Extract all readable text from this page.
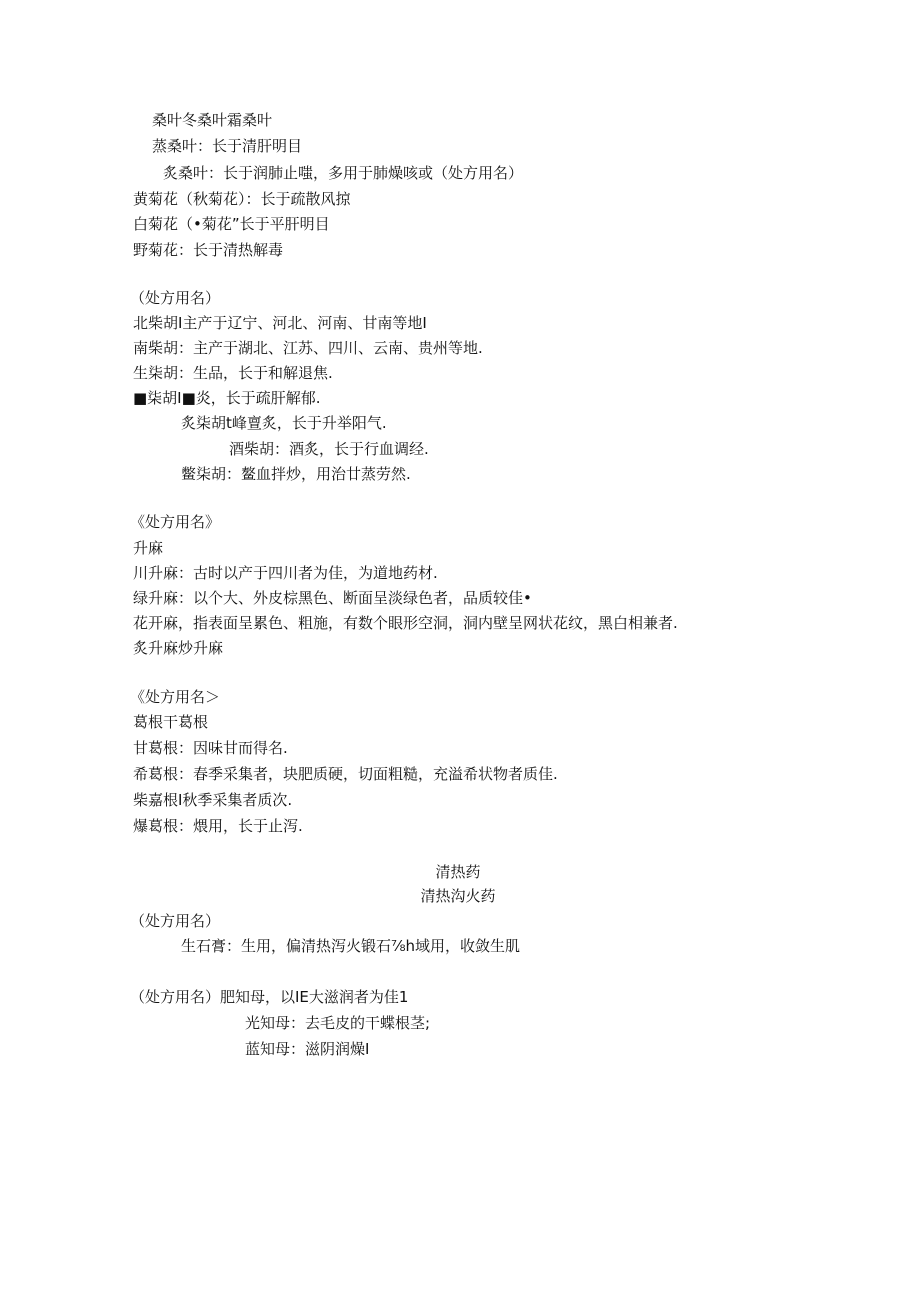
桑叶冬桑叶霜桑叶
蒸桑叶：长于清肝明目
炙桑叶：长于润肺止嗤，多用于肺燥咳或（处方用名）
黄菊花（秋菊花）：长于疏散风掠
白菊花（•菊花”长于平肝明目
野菊花：长于清热解毒
（处方用名）
北柴胡I主产于辽宁、河北、河南、甘南等地I
南柴胡：主产于湖北、江苏、四川、云南、贵州等地.
生柒胡：生品，长于和解退焦.
■柒胡I■炎，长于疏肝解郁.
炙柒胡t峰亶炙，长于升举阳气.
酒柴胡：酒炙，长于行血调经.
鳖柒胡：鳌血拌炒，用治廿蒸劳然.
《处方用名》
升麻
川升麻：古时以产于四川者为佳，为道地药材.
绿升麻：以个大、外皮棕黑色、断面呈淡绿色者，品质较佳•
花开麻，指表面呈累色、粗施，有数个眼形空洞，洞内壁呈网状花纹，黑白相兼者.
炙升麻炒升麻
《处方用名＞
葛根干葛根
甘葛根：因味甘而得名.
希葛根：春季采集者，块肥质硬，切面粗糙，充溢希状物者质佳.
柴嘉根I秋季采集者质次.
爆葛根：煨用，长于止泻.
清热药
清热沟火药
（处方用名）
生石膏：生用，偏清热泻火锻石⅞h域用，收敛生肌
（处方用名）肥知母，以IE大滋润者为佳1
光知母：去毛皮的干蝶根茎;
蓝知母：滋阴润燥I
